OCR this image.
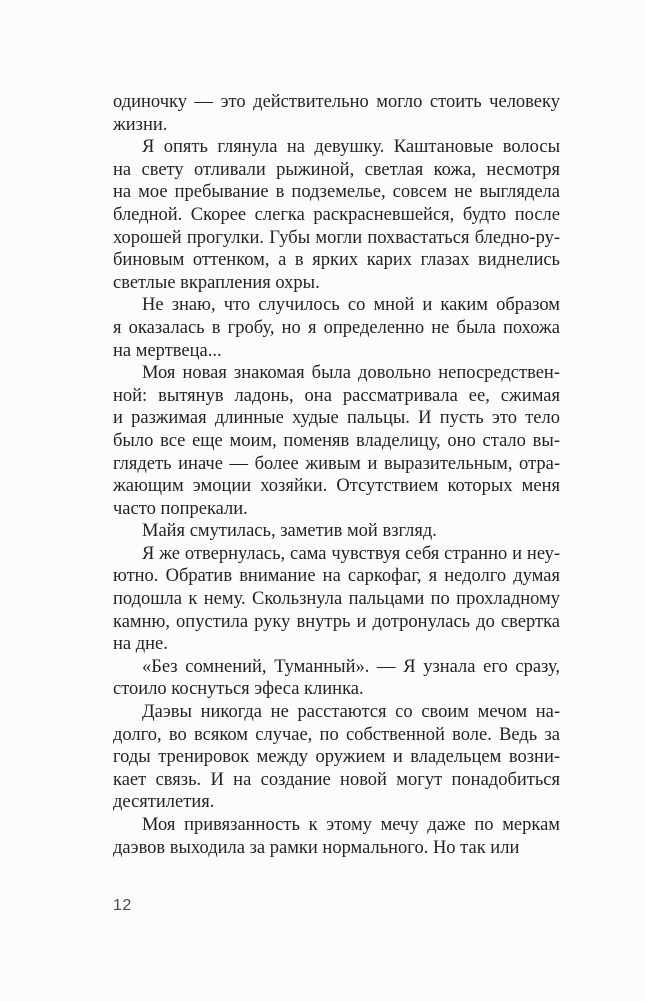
одиночку — это действительно могло стоить человеку
жизни.
Я опять глянула на девушку. Каштановые волосы
на свету отливали рыжиной, светлая кожа, несмотря
на мое пребывание в подземелье, совсем не выглядела
бледной. Скорее слегка раскрасневшейся, будто после
хорошей прогулки. Губы могли похвастаться бледно-ру-
биновым оттенком, а в ярких карих глазах виднелись
светлые вкрапления охры.
Не знаю, что случилось со мной и каким образом
я оказалась в гробу, но я определенно не была похожа
на мертвеца...
Моя новая знакомая была довольно непосредствен-
ной: вытянув ладонь, она рассматривала ее, сжимая
и разжимая длинные худые пальцы. И пусть это тело
было все еще моим, поменяв владелицу, оно стало вы-
глядеть иначе — более живым и выразительным, отра-
жающим эмоции хозяйки. Отсутствием которых меня
часто попрекали.
Майя смутилась, заметив мой взгляд.
Я же отвернулась, сама чувствуя себя странно и неу-
ютно. Обратив внимание на саркофаг, я недолго думая
подошла к нему. Скользнула пальцами по прохладному
камню, опустила руку внутрь и дотронулась до свертка
на дне.
«Без сомнений, Туманный». — Я узнала его сразу,
стоило коснуться эфеса клинка.
Даэвы никогда не расстаются со своим мечом на-
долго, во всяком случае, по собственной воле. Ведь за
годы тренировок между оружием и владельцем возни-
кает связь. И на создание новой могут понадобиться
десятилетия.
Моя привязанность к этому мечу даже по меркам
даэвов выходила за рамки нормального. Но так или
12
